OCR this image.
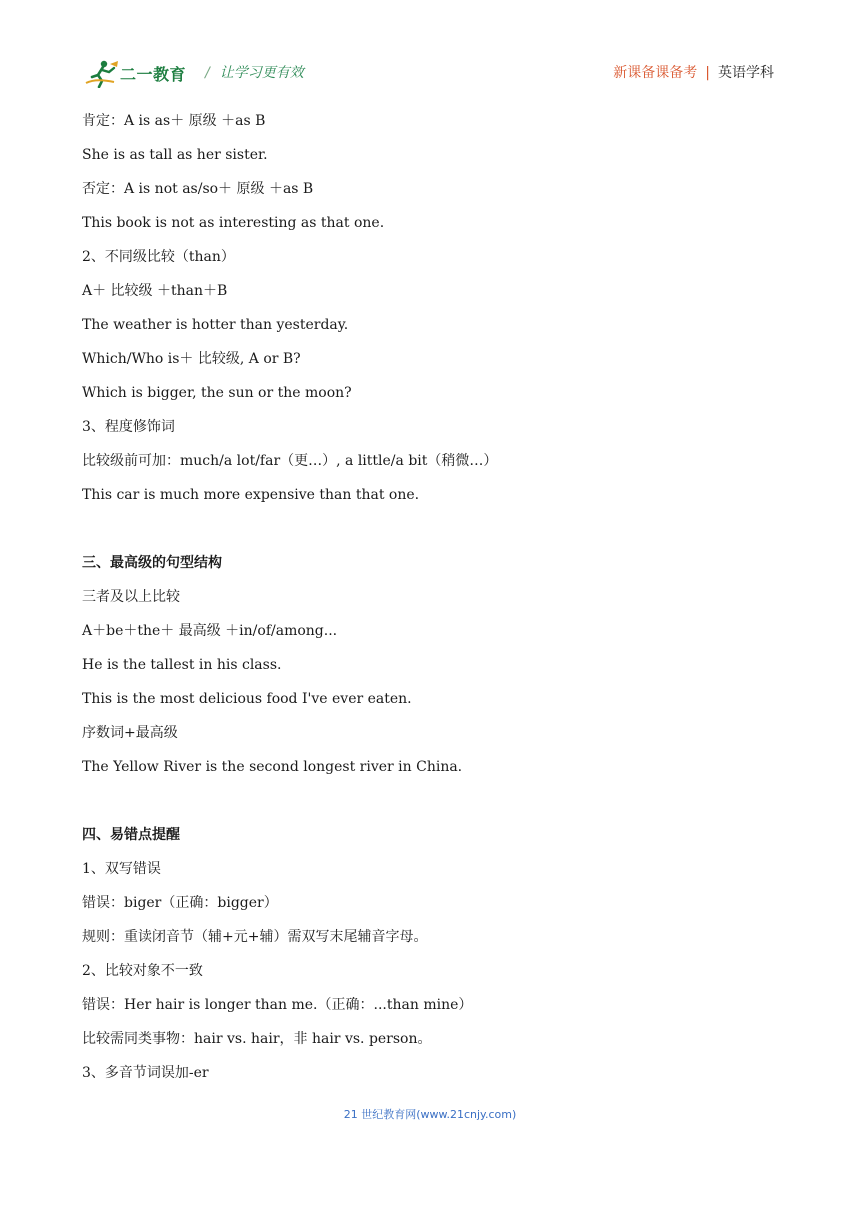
二一教育 / 让学习更有效	新课备课备考 | 英语学科
肯定：A is as＋ 原级 ＋as B
She is as tall as her sister.
否定：A is not as/so＋ 原级 ＋as B
This book is not as interesting as that one.
2、不同级比较（than）
A＋ 比较级 ＋than＋B
The weather is hotter than yesterday.
Which/Who is＋ 比较级, A or B?
Which is bigger, the sun or the moon?
3、程度修饰词
比较级前可加：much/a lot/far（更…）, a little/a bit（稍微…）
This car is much more expensive than that one.
三、最高级的句型结构
三者及以上比较
A＋be＋the＋ 最高级 ＋in/of/among...
He is the tallest in his class.
This is the most delicious food I've ever eaten.
序数词+最高级
The Yellow River is the second longest river in China.
四、易错点提醒
1、双写错误
错误：biger（正确：bigger）
规则：重读闭音节（辅+元+辅）需双写末尾辅音字母。
2、比较对象不一致
错误：Her hair is longer than me.（正确：...than mine）
比较需同类事物：hair vs. hair，非 hair vs. person。
3、多音节词误加-er
21 世纪教育网(www.21cnjy.com)
